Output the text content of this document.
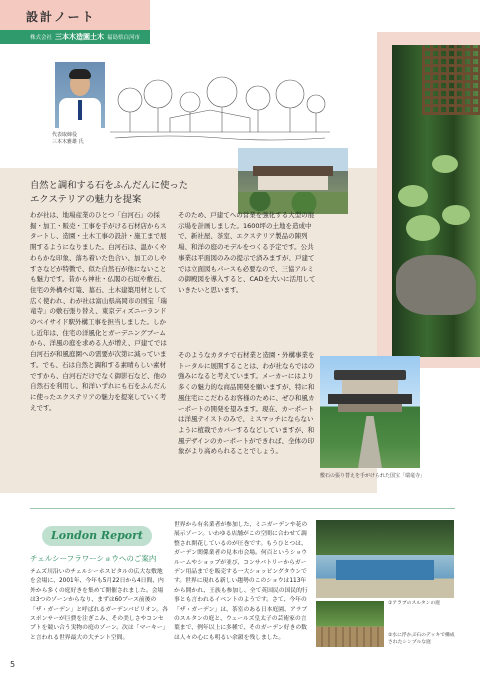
設計ノート
株式会社 三本木造園土木 福島県白河市
代表取締役
三本木雅雄 氏
自然と調和する石をふんだんに使った
エクステリアの魅力を提案
わが社は、地場産業のひとつ「白河石」の採掘・加工・販売・工事を手がける石材店からスタートし、造園・土木工事の設計・施工まで展開するようになりました。白河石は、温かくやわらかな印象、落ち着いた色合い、加工のしやすさなどが特徴で、似た自然石が他にないことも魅力です。昔から神社・仏閣の石垣や敷石、住宅の外構や灯篭、墓石、土木建築用材として広く使われ、わが社は富山県高岡市の国宝「瑞竜寺」の敷石張り替え、東京ディズニーランドのベイサイド駅外構工事を担当しました。しかし近年は、住宅の洋風化とガーデニングブームから、洋風の庭を求める人が増え、戸建てでは白河石が和風庭園への需要が次第に減っています。でも、石は自然と調和する素晴らしい素材ですから、白河石だけでなく御影石など、他の自然石を利用し、和洋いずれにも石をふんだんに使ったエクステリアの魅力を提案していく考えです。
そのため、戸建てへの営業を強化する大型の展示場を計画しました。1600坪の土地を造成中で、新社屋、茶室、エクステリア製品の陳列場、和洋の庭のモデルをつくる予定です。公共事業は平面図のみの提示で済みますが、戸建てでは立面図もパースも必要なので、三協アルミの御殿図を導入すると、CADを大いに活用していきたいと思います。
そのようなカタチで石材業と造園・外構事業をトータルに展開することは、わが社ならではの強みになると考えています。メーカーにはより多くの魅力的な商品開発を願いますが、特に和風住宅にこだわるお客様のために、ぜひ和風カーポートの開発を望みます。現在、カーポートは洋風テイストのみで、ミスマッチにならないように植栽でカバーするなどしていますが、和風デザインのカーポートができれば、全体の印象がより高められることでしょう。
敷石の張り替えを手がけられた国宝「瑞竜寺」
London Report
チェルシーフラワーショウへのご案内
テムズ川沿いのチェルシーホスピタルの広大な敷地を会場に、2001年、今年も5月22日から4日間、内外から多くの庭好きを集めて開催されました。会場は3つのゾーンからなり、まずは60ブース前後の「ザ・ガーデン」と呼ばれるガーデンバビリオン。各スポンサーが巨費を注ぎこみ、その美しさやコンセプトを競い合う実物の庭のゾーン。次は「マーキー」と言われる世界最大の大テント空間。
世界から有名業者が参加した、ミニガーデンや花の展示ゾーン。いわゆる店舗がこの空間に合わせて調整され開花しているのが圧巻です。もうひとつは、ガーデン関係業者の見本市会場。何百というショウルームやショップが並び、コンサバトリーからガーデン用品までを販売する一大ショッピングタウンです。世界に現れる新しい趨勢のこのショウは113年から開かれ、王族も参加し、全て英国民の国民的行事とも言われるイベントのようです。さて、今年の「ザ・ガーデン」は、茶室のある日本庭園、アラブのスルタンの庭と、ウェールズ皇太子の芸術家の言葉まで、例年以上に多種で、そのガーデン好きの数は人々の心にも明るい余韻を残しました。
①アラブのスルタンの庭
②水に浮かぶ石のデッキで構成されたシンプルな庭
5
